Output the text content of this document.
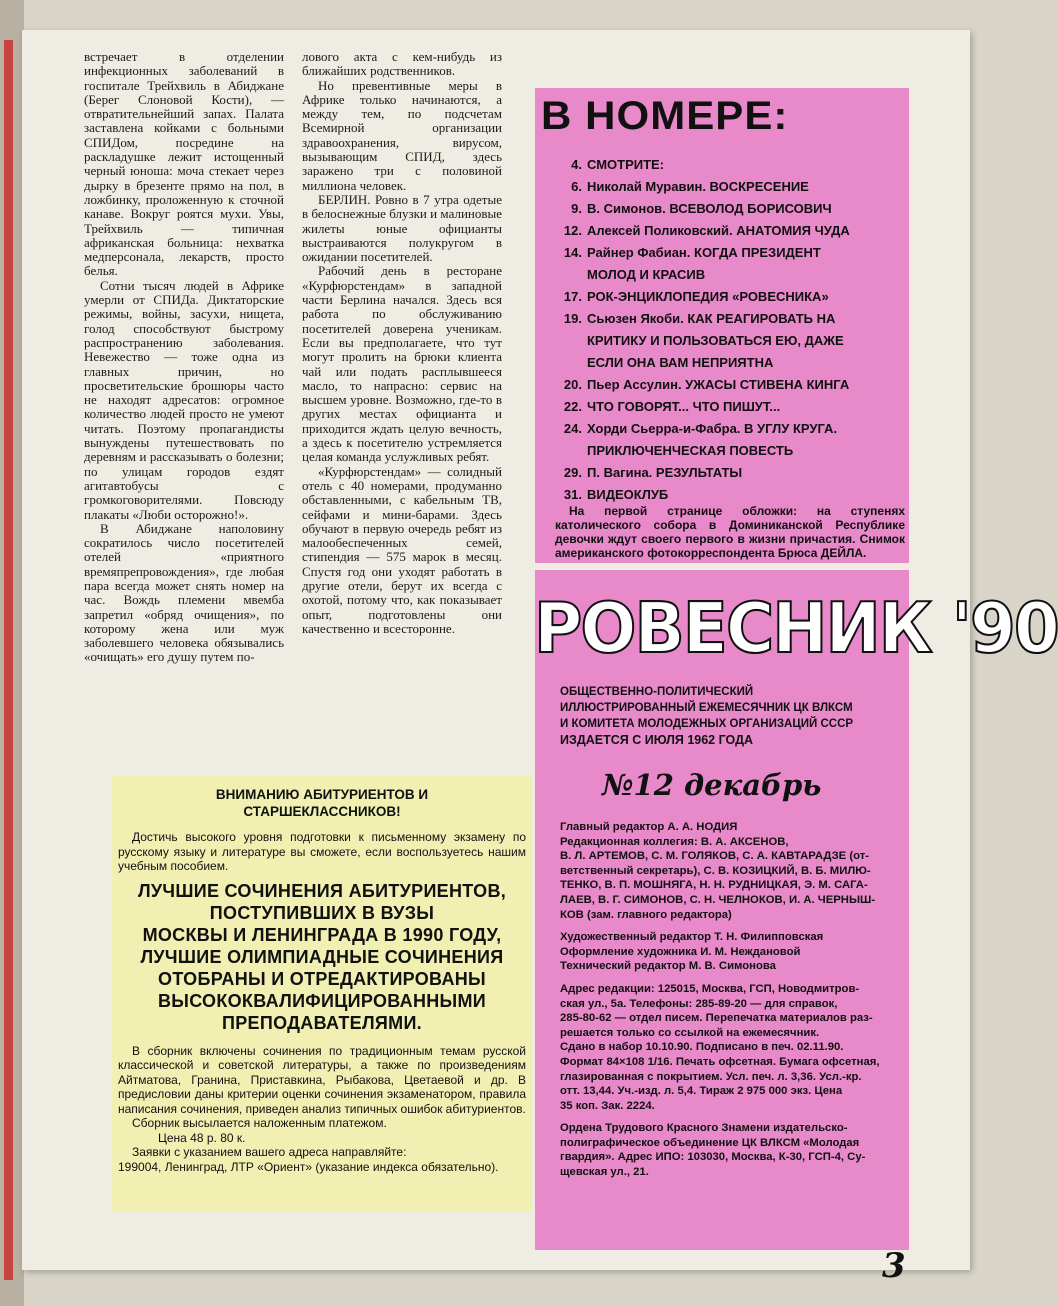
встречает в отделении инфекционных заболеваний в госпитале Трейхвиль в Абиджане (Берег Слоновой Кости), — отвратительнейший запах. Палата заставлена койками с больными СПИДом, посредине на раскладушке лежит истощенный черный юноша: моча стекает через дырку в брезенте прямо на пол, в ложбинку, проложенную к сточной канаве. Вокруг роятся мухи. Увы, Трейхвиль — типичная африканская больница: нехватка медперсонала, лекарств, просто белья.

Сотни тысяч людей в Африке умерли от СПИДа. Диктаторские режимы, войны, засухи, нищета, голод способствуют быстрому распространению заболевания. Невежество — тоже одна из главных причин, но просветительские брошюры часто не находят адресатов: огромное количество людей просто не умеют читать. Поэтому пропагандисты вынуждены путешествовать по деревням и рассказывать о болезни; по улицам городов ездят агитавтобусы с громкоговорителями. Повсюду плакаты «Люби осторожно!».

В Абиджане наполовину сократилось число посетителей отелей «приятного времяпрепровождения», где любая пара всегда может снять номер на час. Вождь племени мвемба запретил «обряд очищения», по которому жена или муж заболевшего человека обязывались «очищать» его душу путем по-

лового акта с кем-нибудь из ближайших родственников.

Но превентивные меры в Африке только начинаются, а между тем, по подсчетам Всемирной организации здравоохранения, вирусом, вызывающим СПИД, здесь заражено три с половиной миллиона человек.

БЕРЛИН. Ровно в 7 утра одетые в белоснежные блузки и малиновые жилеты юные официанты выстраиваются полукругом в ожидании посетителей.

Рабочий день в ресторане «Курфюрстендам» в западной части Берлина начался. Здесь вся работа по обслуживанию посетителей доверена ученикам. Если вы предполагаете, что тут могут пролить на брюки клиента чай или подать расплывшееся масло, то напрасно: сервис на высшем уровне. Возможно, где-то в других местах официанта и приходится ждать целую вечность, а здесь к посетителю устремляется целая команда услужливых ребят.

«Курфюрстендам» — солидный отель с 40 номерами, продуманно обставленными, с кабельным ТВ, сейфами и мини-барами. Здесь обучают в первую очередь ребят из малообеспеченных семей, стипендия — 575 марок в месяц. Спустя год они уходят работать в другие отели, берут их всегда с охотой, потому что, как показывает опыт, подготовлены они качественно и всесторонне.

В НОМЕРЕ:
4. СМОТРИТЕ:
6. Николай Муравин. ВОСКРЕСЕНИЕ
9. В. Симонов. ВСЕВОЛОД БОРИСОВИЧ
12. Алексей Поликовский. АНАТОМИЯ ЧУДА
14. Райнер Фабиан. КОГДА ПРЕЗИДЕНТ
МОЛОД И КРАСИВ
17. РОК-ЭНЦИКЛОПЕДИЯ «РОВЕСНИКА»
19. Сьюзен Якоби. КАК РЕАГИРОВАТЬ НА
КРИТИКУ И ПОЛЬЗОВАТЬСЯ ЕЮ, ДАЖЕ
ЕСЛИ ОНА ВАМ НЕПРИЯТНА
20. Пьер Ассулин. УЖАСЫ СТИВЕНА КИНГА
22. ЧТО ГОВОРЯТ... ЧТО ПИШУТ...
24. Хорди Сьерра-и-Фабра. В УГЛУ КРУГА.
ПРИКЛЮЧЕНЧЕСКАЯ ПОВЕСТЬ
29. П. Вагина. РЕЗУЛЬТАТЫ
31. ВИДЕОКЛУБ
На первой странице обложки: на ступенях католического собора в Доминиканской Республике девочки ждут своего первого в жизни причастия. Снимок американского фотокорреспондента Брюса ДЕЙЛА.
РОВЕСНИК '90
ОБЩЕСТВЕННО-ПОЛИТИЧЕСКИЙ
ИЛЛЮСТРИРОВАННЫЙ ЕЖЕМЕСЯЧНИК ЦК ВЛКСМ
И КОМИТЕТА МОЛОДЕЖНЫХ ОРГАНИЗАЦИЙ СССР
ИЗДАЕТСЯ С ИЮЛЯ 1962 ГОДА
№12 декабрь
Главный редактор А. А. НОДИЯ
Редакционная коллегия: В. А. АКСЕНОВ,
В. Л. АРТЕМОВ, С. М. ГОЛЯКОВ, С. А. КАВТАРАДЗЕ (от-
ветственный секретарь), С. В. КОЗИЦКИЙ, В. Б. МИЛЮ-
ТЕНКО, В. П. МОШНЯГА, Н. Н. РУДНИЦКАЯ, Э. М. САГА-
ЛАЕВ, В. Г. СИМОНОВ, С. Н. ЧЕЛНОКОВ, И. А. ЧЕРНЫШ-
КОВ (зам. главного редактора)
Художественный редактор Т. Н. Филипповская
Оформление художника И. М. Неждановой
Технический редактор М. В. Симонова
Адрес редакции: 125015, Москва, ГСП, Новодмитров-
ская ул., 5а. Телефоны: 285-89-20 — для справок,
285-80-62 — отдел писем. Перепечатка материалов раз-
решается только со ссылкой на ежемесячник.
Сдано в набор 10.10.90. Подписано в печ. 02.11.90.
Формат 84×108 1/16. Печать офсетная. Бумага офсетная,
глазированная с покрытием. Усл. печ. л. 3,36. Усл.-кр.
отт. 13,44. Уч.-изд. л. 5,4. Тираж 2 975 000 экз. Цена
35 коп. Зак. 2224.
Ордена Трудового Красного Знамени издательско-
полиграфическое объединение ЦК ВЛКСМ «Молодая
гвардия». Адрес ИПО: 103030, Москва, К-30, ГСП-4, Су-
щевская ул., 21.
3
ВНИМАНИЮ АБИТУРИЕНТОВ И
СТАРШЕКЛАССНИКОВ!
Достичь высокого уровня подготовки к письменному экзамену по русскому языку и литературе вы сможете, если воспользуетесь нашим учебным пособием.
ЛУЧШИЕ СОЧИНЕНИЯ АБИТУРИЕНТОВ,
ПОСТУПИВШИХ В ВУЗЫ
МОСКВЫ И ЛЕНИНГРАДА В 1990 ГОДУ,
ЛУЧШИЕ ОЛИМПИАДНЫЕ СОЧИНЕНИЯ
ОТОБРАНЫ И ОТРЕДАКТИРОВАНЫ
ВЫСОКОКВАЛИФИЦИРОВАННЫМИ
ПРЕПОДАВАТЕЛЯМИ.

В сборник включены сочинения по традиционным темам русской классической и советской литературы, а также по произведениям Айтматова, Гранина, Приставкина, Рыбакова, Цветаевой и др. В предисловии даны критерии оценки сочинения экзаменатором, правила написания сочинения, приведен анализ типичных ошибок абитуриентов.

Сборник высылается наложенным платежом.

Цена 48 р. 80 к.

Заявки с указанием вашего адреса направляйте:

199004, Ленинград, ЛТР «Ориент» (указание индекса обязательно).
